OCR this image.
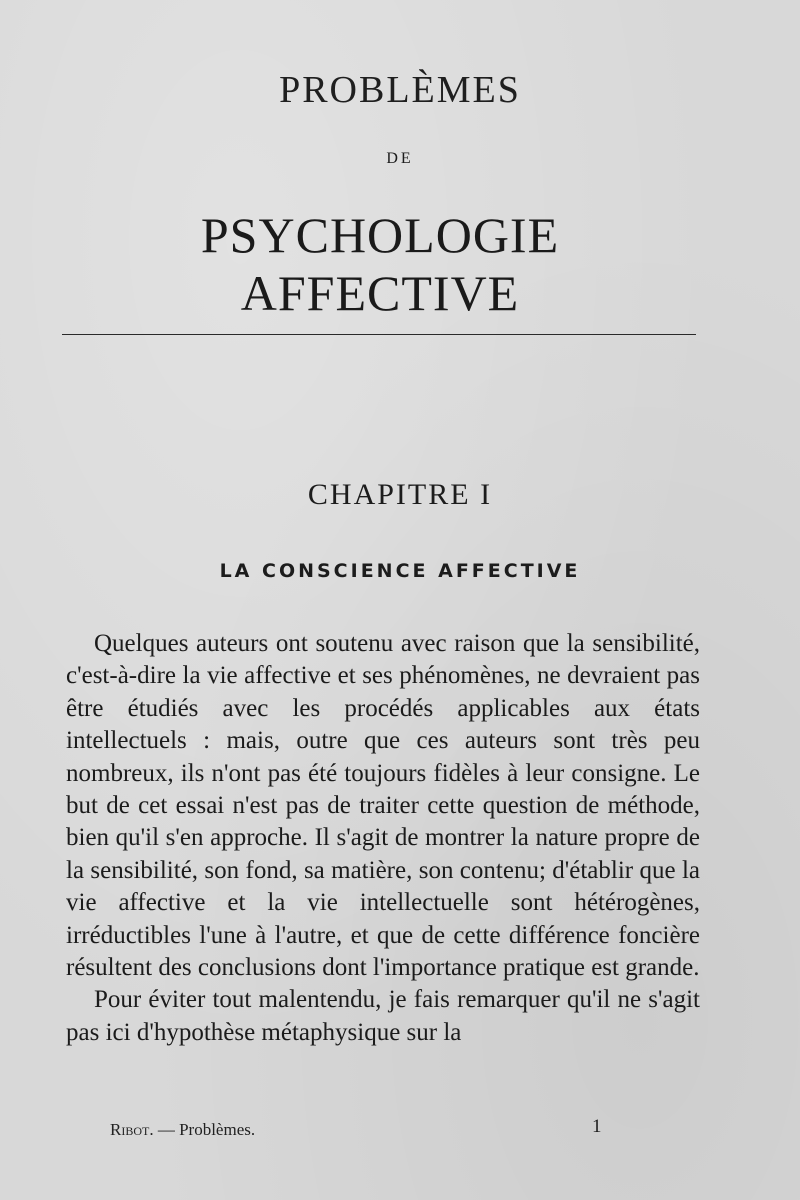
PROBLÈMES
DE
PSYCHOLOGIE AFFECTIVE
CHAPITRE I
LA CONSCIENCE AFFECTIVE

Quelques auteurs ont soutenu avec raison que la sensibilité, c'est-à-dire la vie affective et ses phénomènes, ne devraient pas être étudiés avec les procédés applicables aux états intellectuels : mais, outre que ces auteurs sont très peu nombreux, ils n'ont pas été toujours fidèles à leur consigne. Le but de cet essai n'est pas de traiter cette question de méthode, bien qu'il s'en approche. Il s'agit de montrer la nature propre de la sensibilité, son fond, sa matière, son contenu; d'établir que la vie affective et la vie intellectuelle sont hétérogènes, irréductibles l'une à l'autre, et que de cette différence foncière résultent des conclusions dont l'importance pratique est grande.

Pour éviter tout malentendu, je fais remarquer qu'il ne s'agit pas ici d'hypothèse métaphysique sur la

Ribot. — Problèmes.	1
